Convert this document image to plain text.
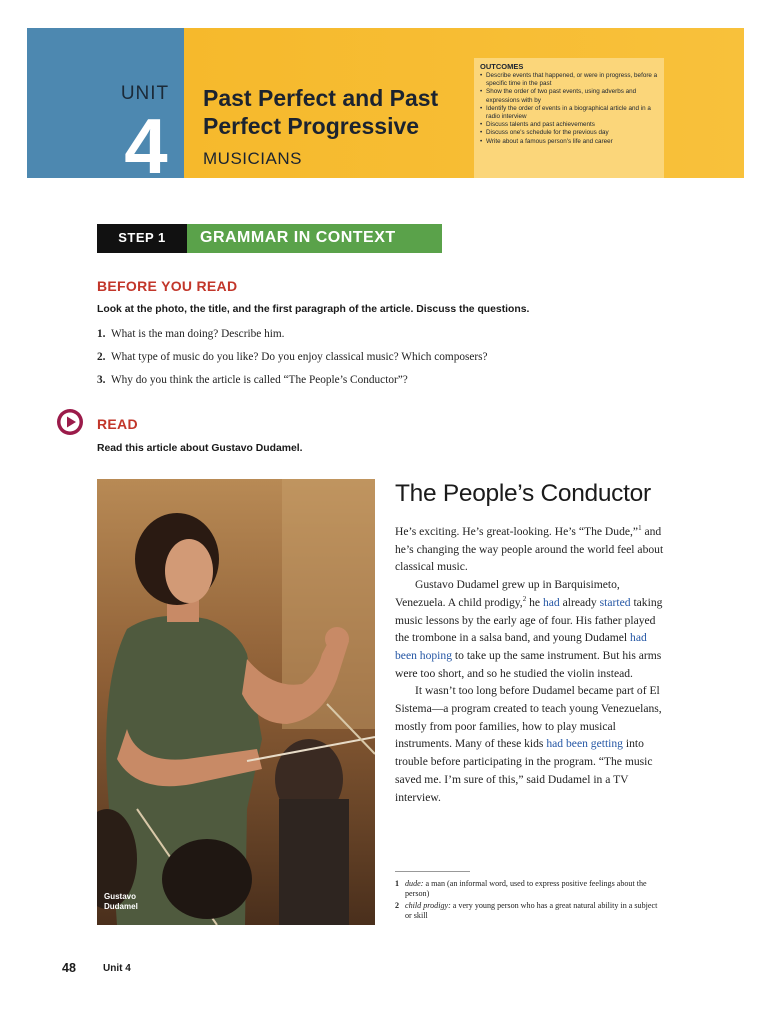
UNIT
4
Past Perfect and Past
Perfect Progressive
MUSICIANS
OUTCOMES
• Describe events that happened, or were in progress, before a specific time in the past
• Show the order of two past events, using adverbs and expressions with by
• Identify the order of events in a biographical article and in a radio interview
• Discuss talents and past achievements
• Discuss one's schedule for the previous day
• Write about a famous person's life and career
STEP 1	GRAMMAR IN CONTEXT
BEFORE YOU READ
Look at the photo, the title, and the first paragraph of the article. Discuss the questions.
1. What is the man doing? Describe him.
2. What type of music do you like? Do you enjoy classical music? Which composers?
3. Why do you think the article is called “The People’s Conductor”?
READ
Read this article about Gustavo Dudamel.
Gustavo
Dudamel
The People’s Conductor

He’s exciting. He’s great-looking. He’s “The Dude,”$^1$ and he’s changing the way people around the world feel about classical music.

Gustavo Dudamel grew up in Barquisimeto, Venezuela. A child prodigy,$^2$ he had already started taking music lessons by the early age of four. His father played the trombone in a salsa band, and young Dudamel had been hoping to take up the same instrument. But his arms were too short, and so he studied the violin instead.

It wasn’t too long before Dudamel became part of El Sistema—a program created to teach young Venezuelans, mostly from poor families, how to play musical instruments. Many of these kids had been getting into trouble before participating in the program. “The music saved me. I’m sure of this,” said Dudamel in a TV interview.

1 dude: a man (an informal word, used to express positive feelings about the person)
2 child prodigy: a very young person who has a great natural ability in a subject or skill
48	Unit 4
